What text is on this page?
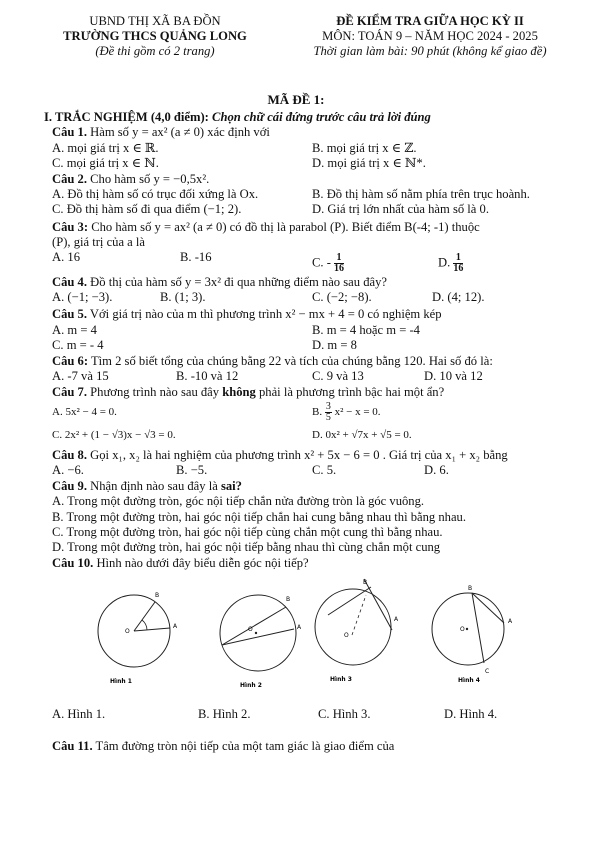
UBND THỊ XÃ BA ĐỒN
TRƯỜNG THCS QUẢNG LONG
(Đề thi gồm có 2 trang)
ĐỀ KIỂM TRA GIỮA HỌC KỲ II
MÔN: TOÁN 9 – NĂM HỌC 2024 - 2025
Thời gian làm bài: 90 phút (không kể giao đề)
MÃ ĐỀ 1:
I. TRẮC NGHIỆM (4,0 điểm): Chọn chữ cái đứng trước câu trả lời đúng
Câu 1. Hàm số y = ax² (a ≠ 0) xác định với
A. mọi giá trị x ∈ ℝ.	B. mọi giá trị x ∈ ℤ.
C. mọi giá trị x ∈ ℕ.	D. mọi giá trị x ∈ ℕ*.
Câu 2. Cho hàm số y = −0,5x².
A. Đồ thị hàm số có trục đối xứng là Ox.	B. Đồ thị hàm số nằm phía trên trục hoành.
C. Đồ thị hàm số đi qua điểm (−1; 2).	D. Giá trị lớn nhất của hàm số là 0.
Câu 3: Cho hàm số y = ax² (a ≠ 0) có đồ thị là parabol (P). Biết điểm B(-4; -1) thuộc
(P), giá trị của a là
A. 16	B. -16	C. - $\frac{1}{16}$	D. $\frac{1}{16}$
Câu 4. Đồ thị của hàm số y = 3x² đi qua những điểm nào sau đây?
A. (−1; −3).	B. (1; 3).	C. (−2; −8).	D. (4; 12).
Câu 5. Với giá trị nào của m thì phương trình x² − mx + 4 = 0 có nghiệm kép
A. m = 4	B. m = 4 hoặc m = -4
C. m = - 4	D. m = 8
Câu 6: Tìm 2 số biết tổng của chúng bằng 22 và tích của chúng bằng 120. Hai số đó là:
A. -7 và 15	B. -10 và 12	C. 9 và 13	D. 10 và 12
Câu 7. Phương trình nào sau đây không phải là phương trình bậc hai một ẩn?
A. 5x² − 4 = 0.	B. $\frac{3}{5} x^2 - x = 0$.
C. 2x² + (1 − √3)x − √3 = 0.	D. 0x² + √7x + √5 = 0.
Câu 8. Gọi x₁, x₂ là hai nghiệm của phương trình x² + 5x − 6 = 0 . Giá trị của x₁ + x₂ bằng
A. −6.	B. −5.	C. 5.	D. 6.
Câu 9. Nhận định nào sau đây là sai?
A. Trong một đường tròn, góc nội tiếp chắn nửa đường tròn là góc vuông.
B. Trong một đường tròn, hai góc nội tiếp chắn hai cung bằng nhau thì bằng nhau.
C. Trong một đường tròn, hai góc nội tiếp cùng chắn một cung thì bằng nhau.
D. Trong một đường tròn, hai góc nội tiếp bằng nhau thì cùng chắn một cung
Câu 10. Hình nào dưới đây biểu diễn góc nội tiếp?
O
B
A
Hình 1
O
B
A
Hình 2
B
A
O
Hình 3
B
A
O
C
Hình 4
A. Hình 1.	B. Hình 2.	C. Hình 3.	D. Hình 4.
Câu 11. Tâm đường tròn nội tiếp của một tam giác là giao điểm của
